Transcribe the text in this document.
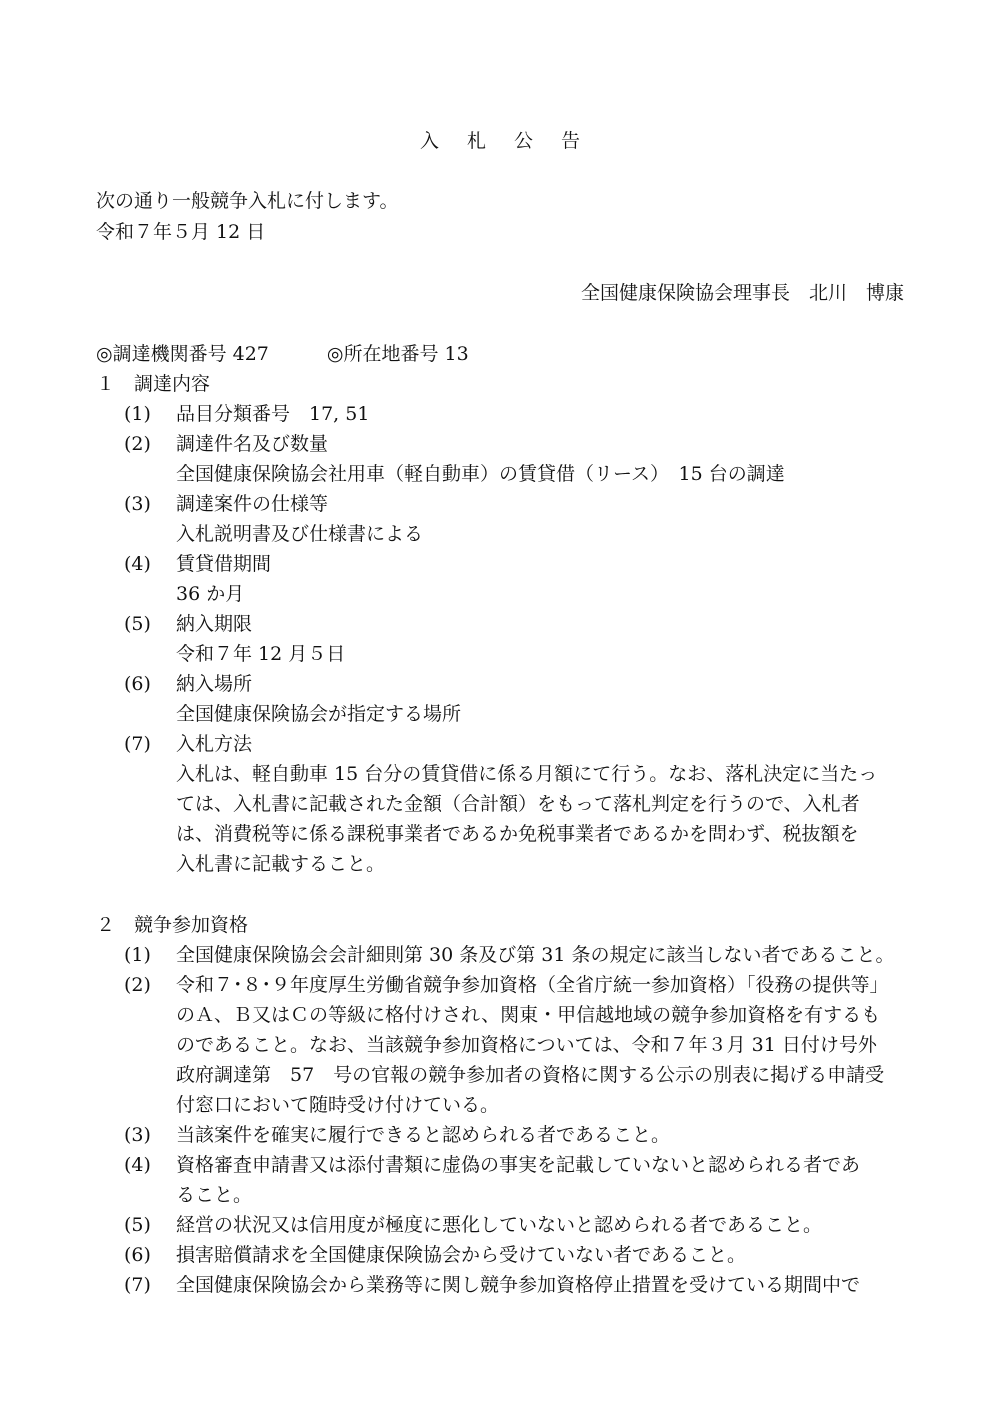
入 札 公 告
次の通り一般競争入札に付します。
令和７年５月 12 日
全国健康保険協会理事長　北川　博康
◎調達機関番号 427	◎所在地番号 13
１　調達内容
(1) 品目分類番号　17, 51
(2) 調達件名及び数量
全国健康保険協会社用車（軽自動車）の賃貸借（リース）　15 台の調達
(3) 調達案件の仕様等
入札説明書及び仕様書による
(4) 賃貸借期間
36 か月
(5) 納入期限
令和７年 12 月５日
(6) 納入場所
全国健康保険協会が指定する場所
(7) 入札方法
入札は、軽自動車 15 台分の賃貸借に係る月額にて行う。なお、落札決定に当たっ
ては、入札書に記載された金額（合計額）をもって落札判定を行うので、入札者
は、消費税等に係る課税事業者であるか免税事業者であるかを問わず、税抜額を
入札書に記載すること。
２　競争参加資格
(1) 全国健康保険協会会計細則第 30 条及び第 31 条の規定に該当しない者であること。
(2) 令和７･８･９年度厚生労働省競争参加資格（全省庁統一参加資格）「役務の提供等」
のＡ、Ｂ又はＣの等級に格付けされ、関東・甲信越地域の競争参加資格を有するも
のであること。なお、当該競争参加資格については、令和７年３月 31 日付け号外
政府調達第　57　号の官報の競争参加者の資格に関する公示の別表に掲げる申請受
付窓口において随時受け付けている。
(3) 当該案件を確実に履行できると認められる者であること。
(4) 資格審査申請書又は添付書類に虚偽の事実を記載していないと認められる者であ
ること。
(5) 経営の状況又は信用度が極度に悪化していないと認められる者であること。
(6) 損害賠償請求を全国健康保険協会から受けていない者であること。
(7) 全国健康保険協会から業務等に関し競争参加資格停止措置を受けている期間中で
